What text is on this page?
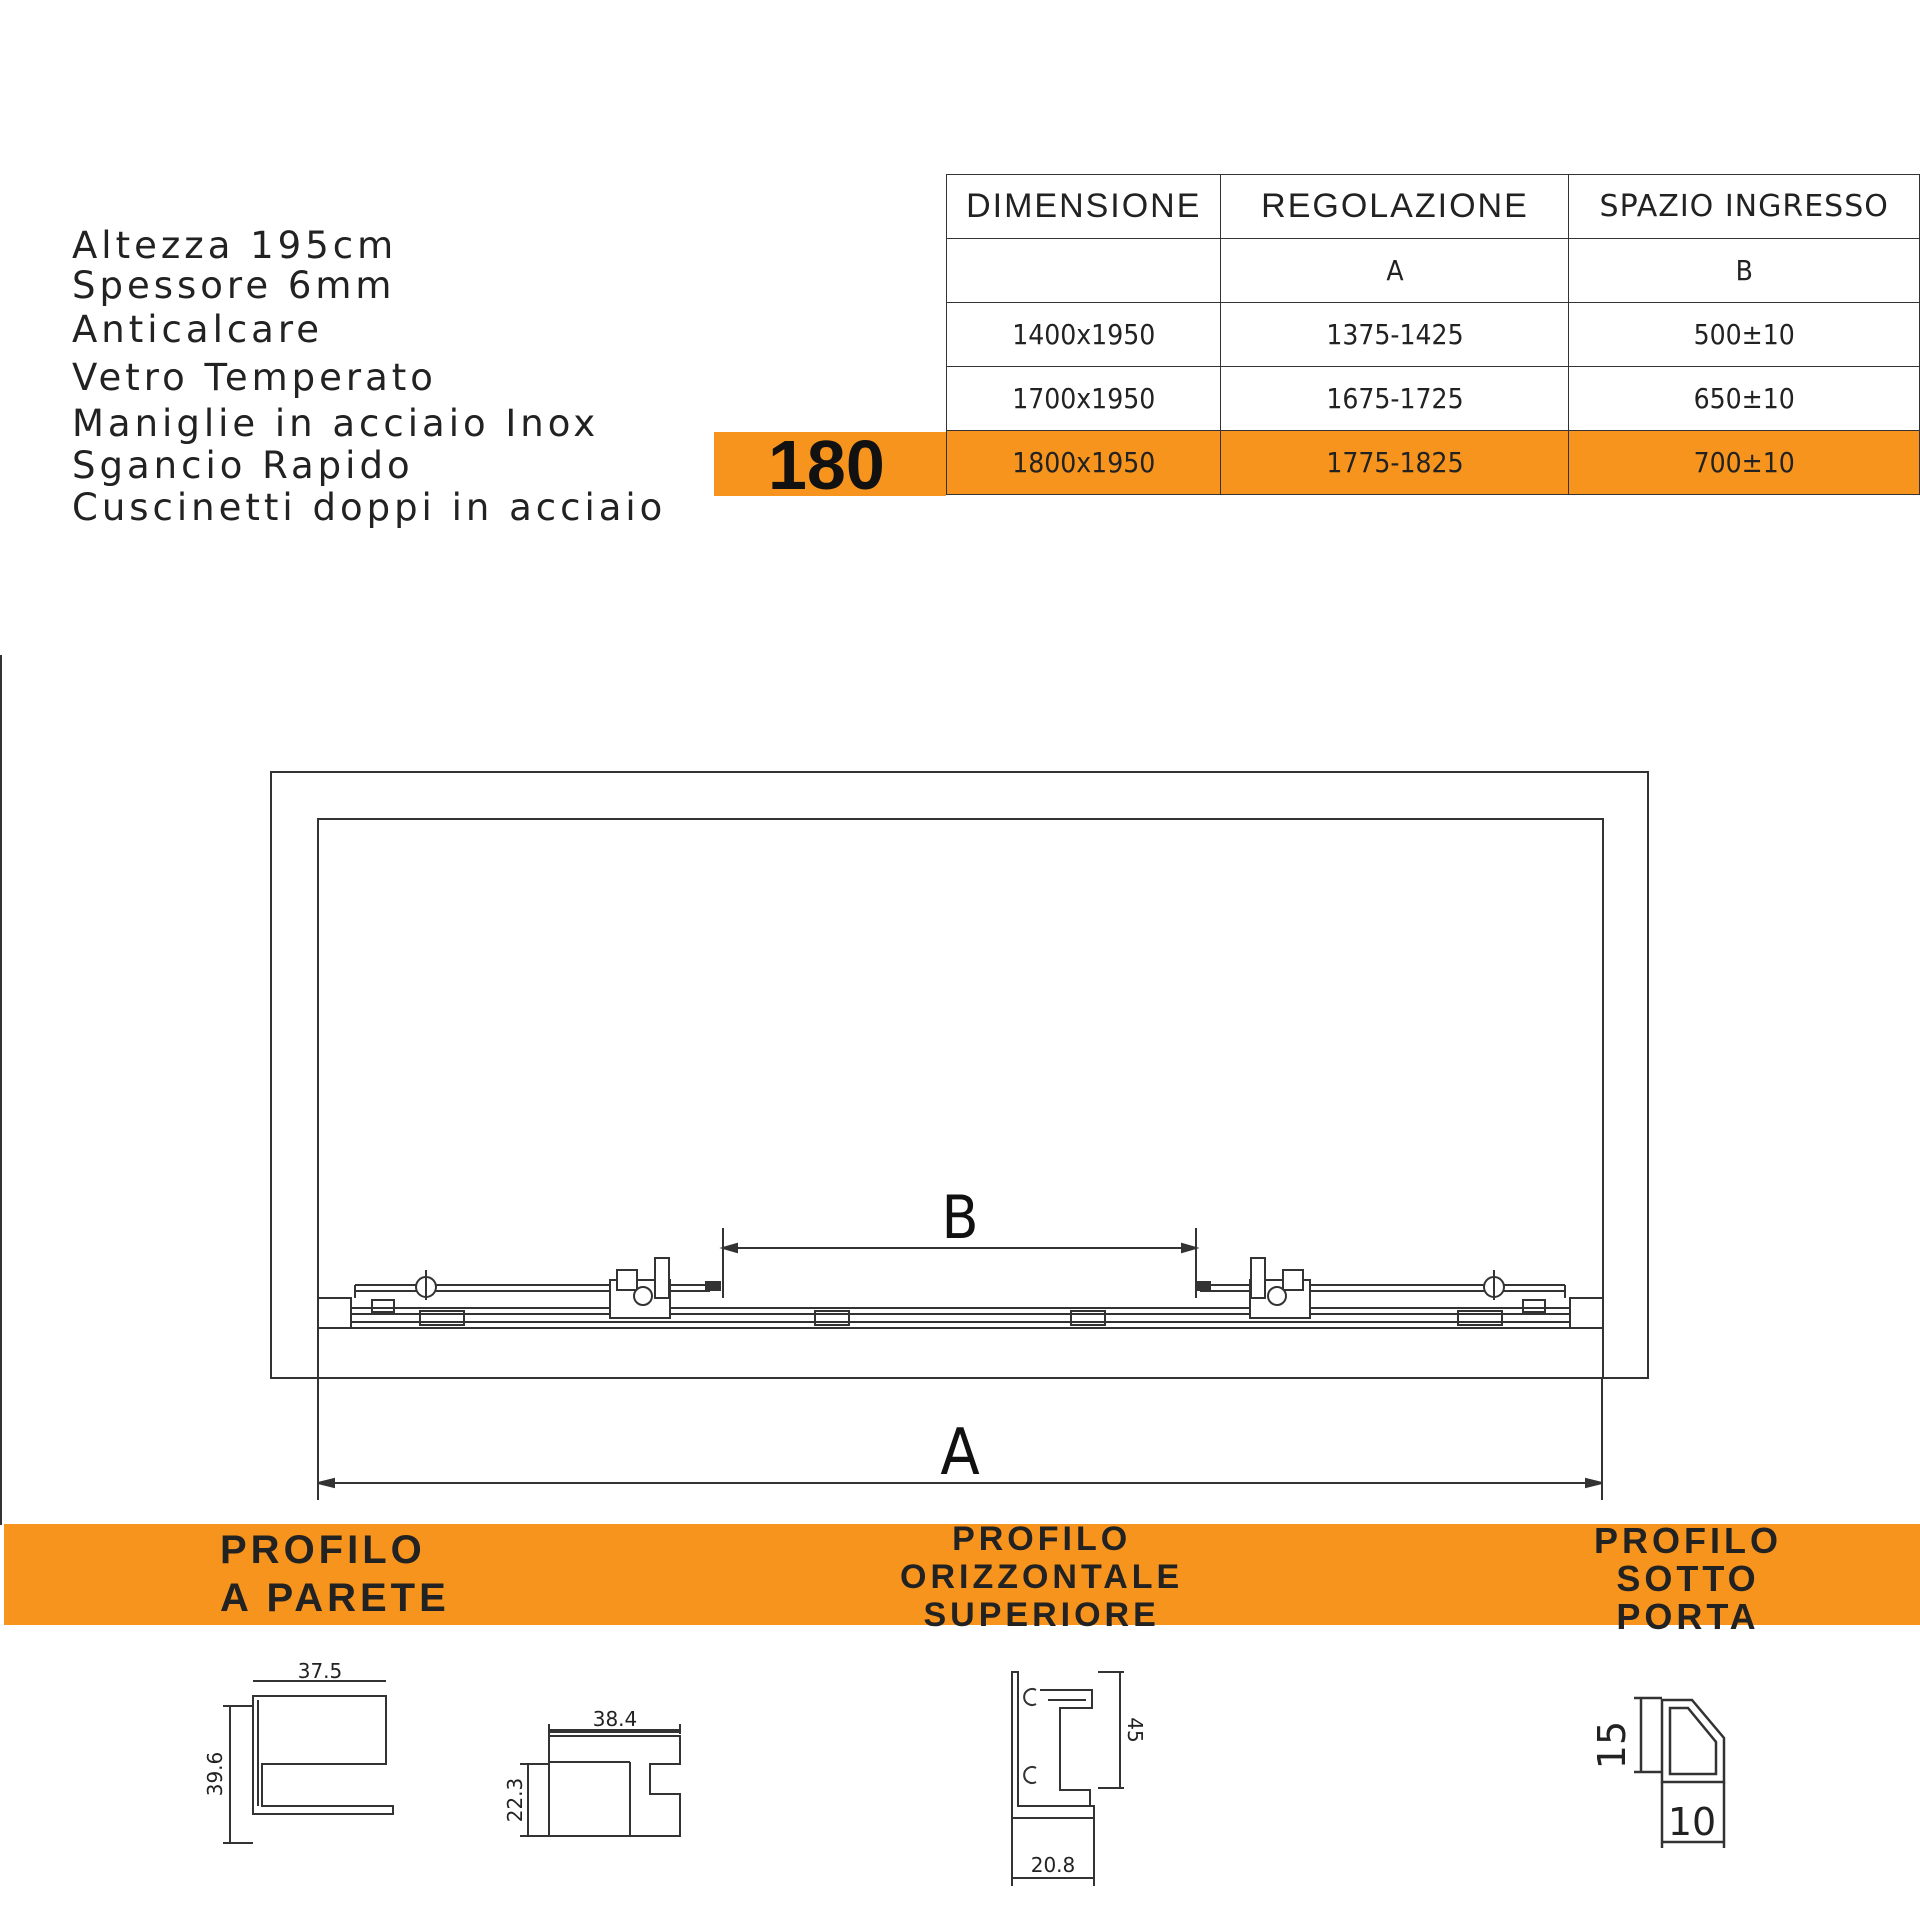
Altezza 195cm
Spessore 6mm
Anticalcare
Vetro Temperato
Maniglie in acciaio Inox
Sgancio Rapido
Cuscinetti doppi in acciaio
180
DIMENSIONE	REGOLAZIONE	SPAZIO INGRESSO
	A	B
1400x1950	1375-1425	500±10
1700x1950	1675-1725	650±10
1800x1950	1775-1825	700±10
B
A
PROFILO
A PARETE
PROFILO
ORIZZONTALE
SUPERIORE
PROFILO
SOTTO
PORTA
37.5
39.6
38.4
22.3
45
20.8
15
10
